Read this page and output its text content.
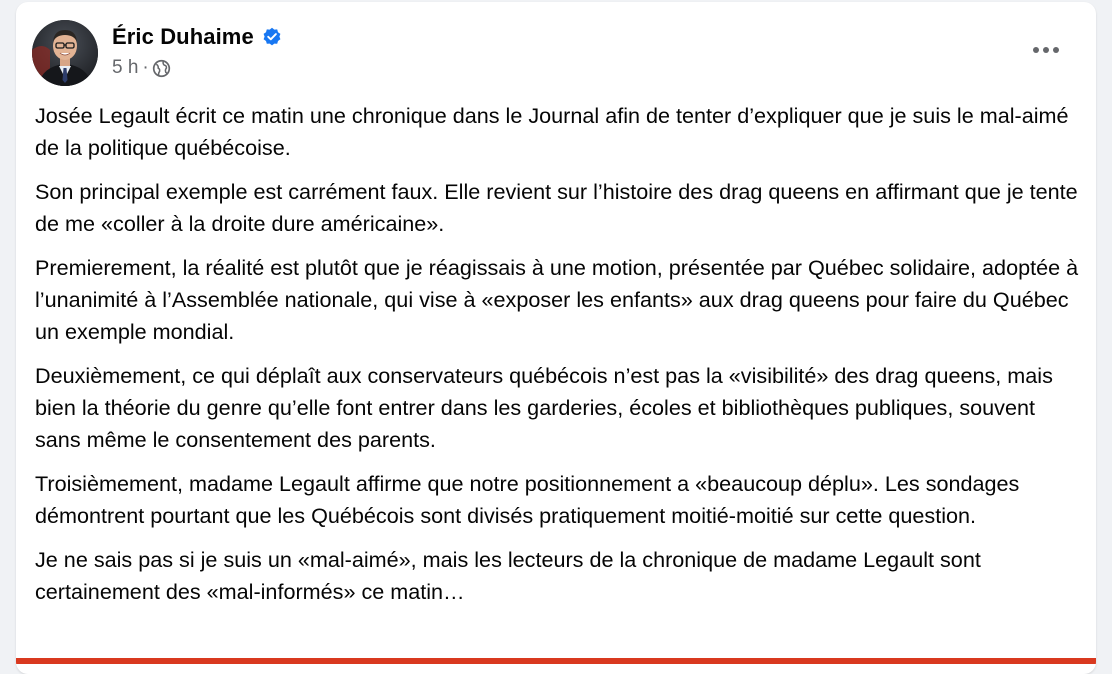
Éric Duhaime
5 h ·

Josée Legault écrit ce matin une chronique dans le Journal afin de tenter d’expliquer que je suis le mal-aimé de la politique québécoise.

Son principal exemple est carrément faux. Elle revient sur l’histoire des drag queens en affirmant que je tente de me «coller à la droite dure américaine».

Premierement, la réalité est plutôt que je réagissais à une motion, présentée par Québec solidaire, adoptée à l’unanimité à l’Assemblée nationale, qui vise à «exposer les enfants» aux drag queens pour faire du Québec un exemple mondial.

Deuxièmement, ce qui déplaît aux conservateurs québécois n’est pas la «visibilité» des drag queens, mais bien la théorie du genre qu’elle font entrer dans les garderies, écoles et bibliothèques publiques, souvent sans même le consentement des parents.

Troisièmement, madame Legault affirme que notre positionnement a «beaucoup déplu». Les sondages démontrent pourtant que les Québécois sont divisés pratiquement moitié-moitié sur cette question.

Je ne sais pas si je suis un «mal-aimé», mais les lecteurs de la chronique de madame Legault sont certainement des «mal-informés» ce matin…
